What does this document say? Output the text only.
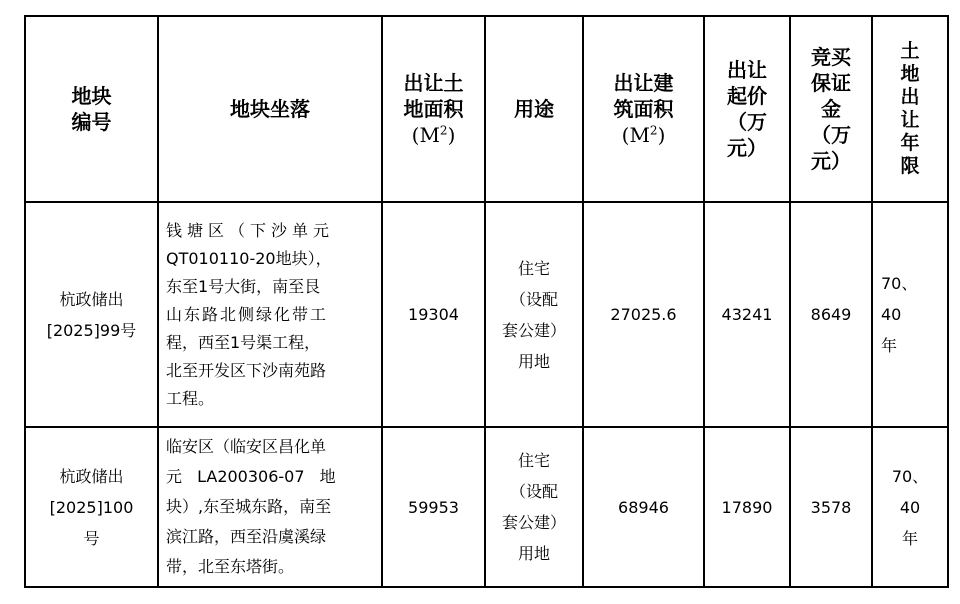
地块
编号
地块坐落
出让土
地面积
$(M^2)$
用途
出让建
筑面积
$(M^2)$
出让
起价
（万
元）
竞买
保证
金
（万
元）
土
地
出
让
年
限
杭政储出
[2025]99号
钱塘区（下沙单元
QT010110-20地块），
东至1号大街，南至艮
山东路北侧绿化带工
程，西至1号渠工程，
北至开发区下沙南苑路
工程。
19304
住宅
（设配
套公建）
用地
27025.6	43241 8649
70、
40
年
杭政储出
[2025]100
号
临安区（临安区昌化单
元 LA200306-07 地
块）,东至城东路，南至
滨江路，西至沿虞溪绿
带，北至东塔街。
59953
住宅
（设配
套公建）
用地
68946	17890 3578
70、
40
年
